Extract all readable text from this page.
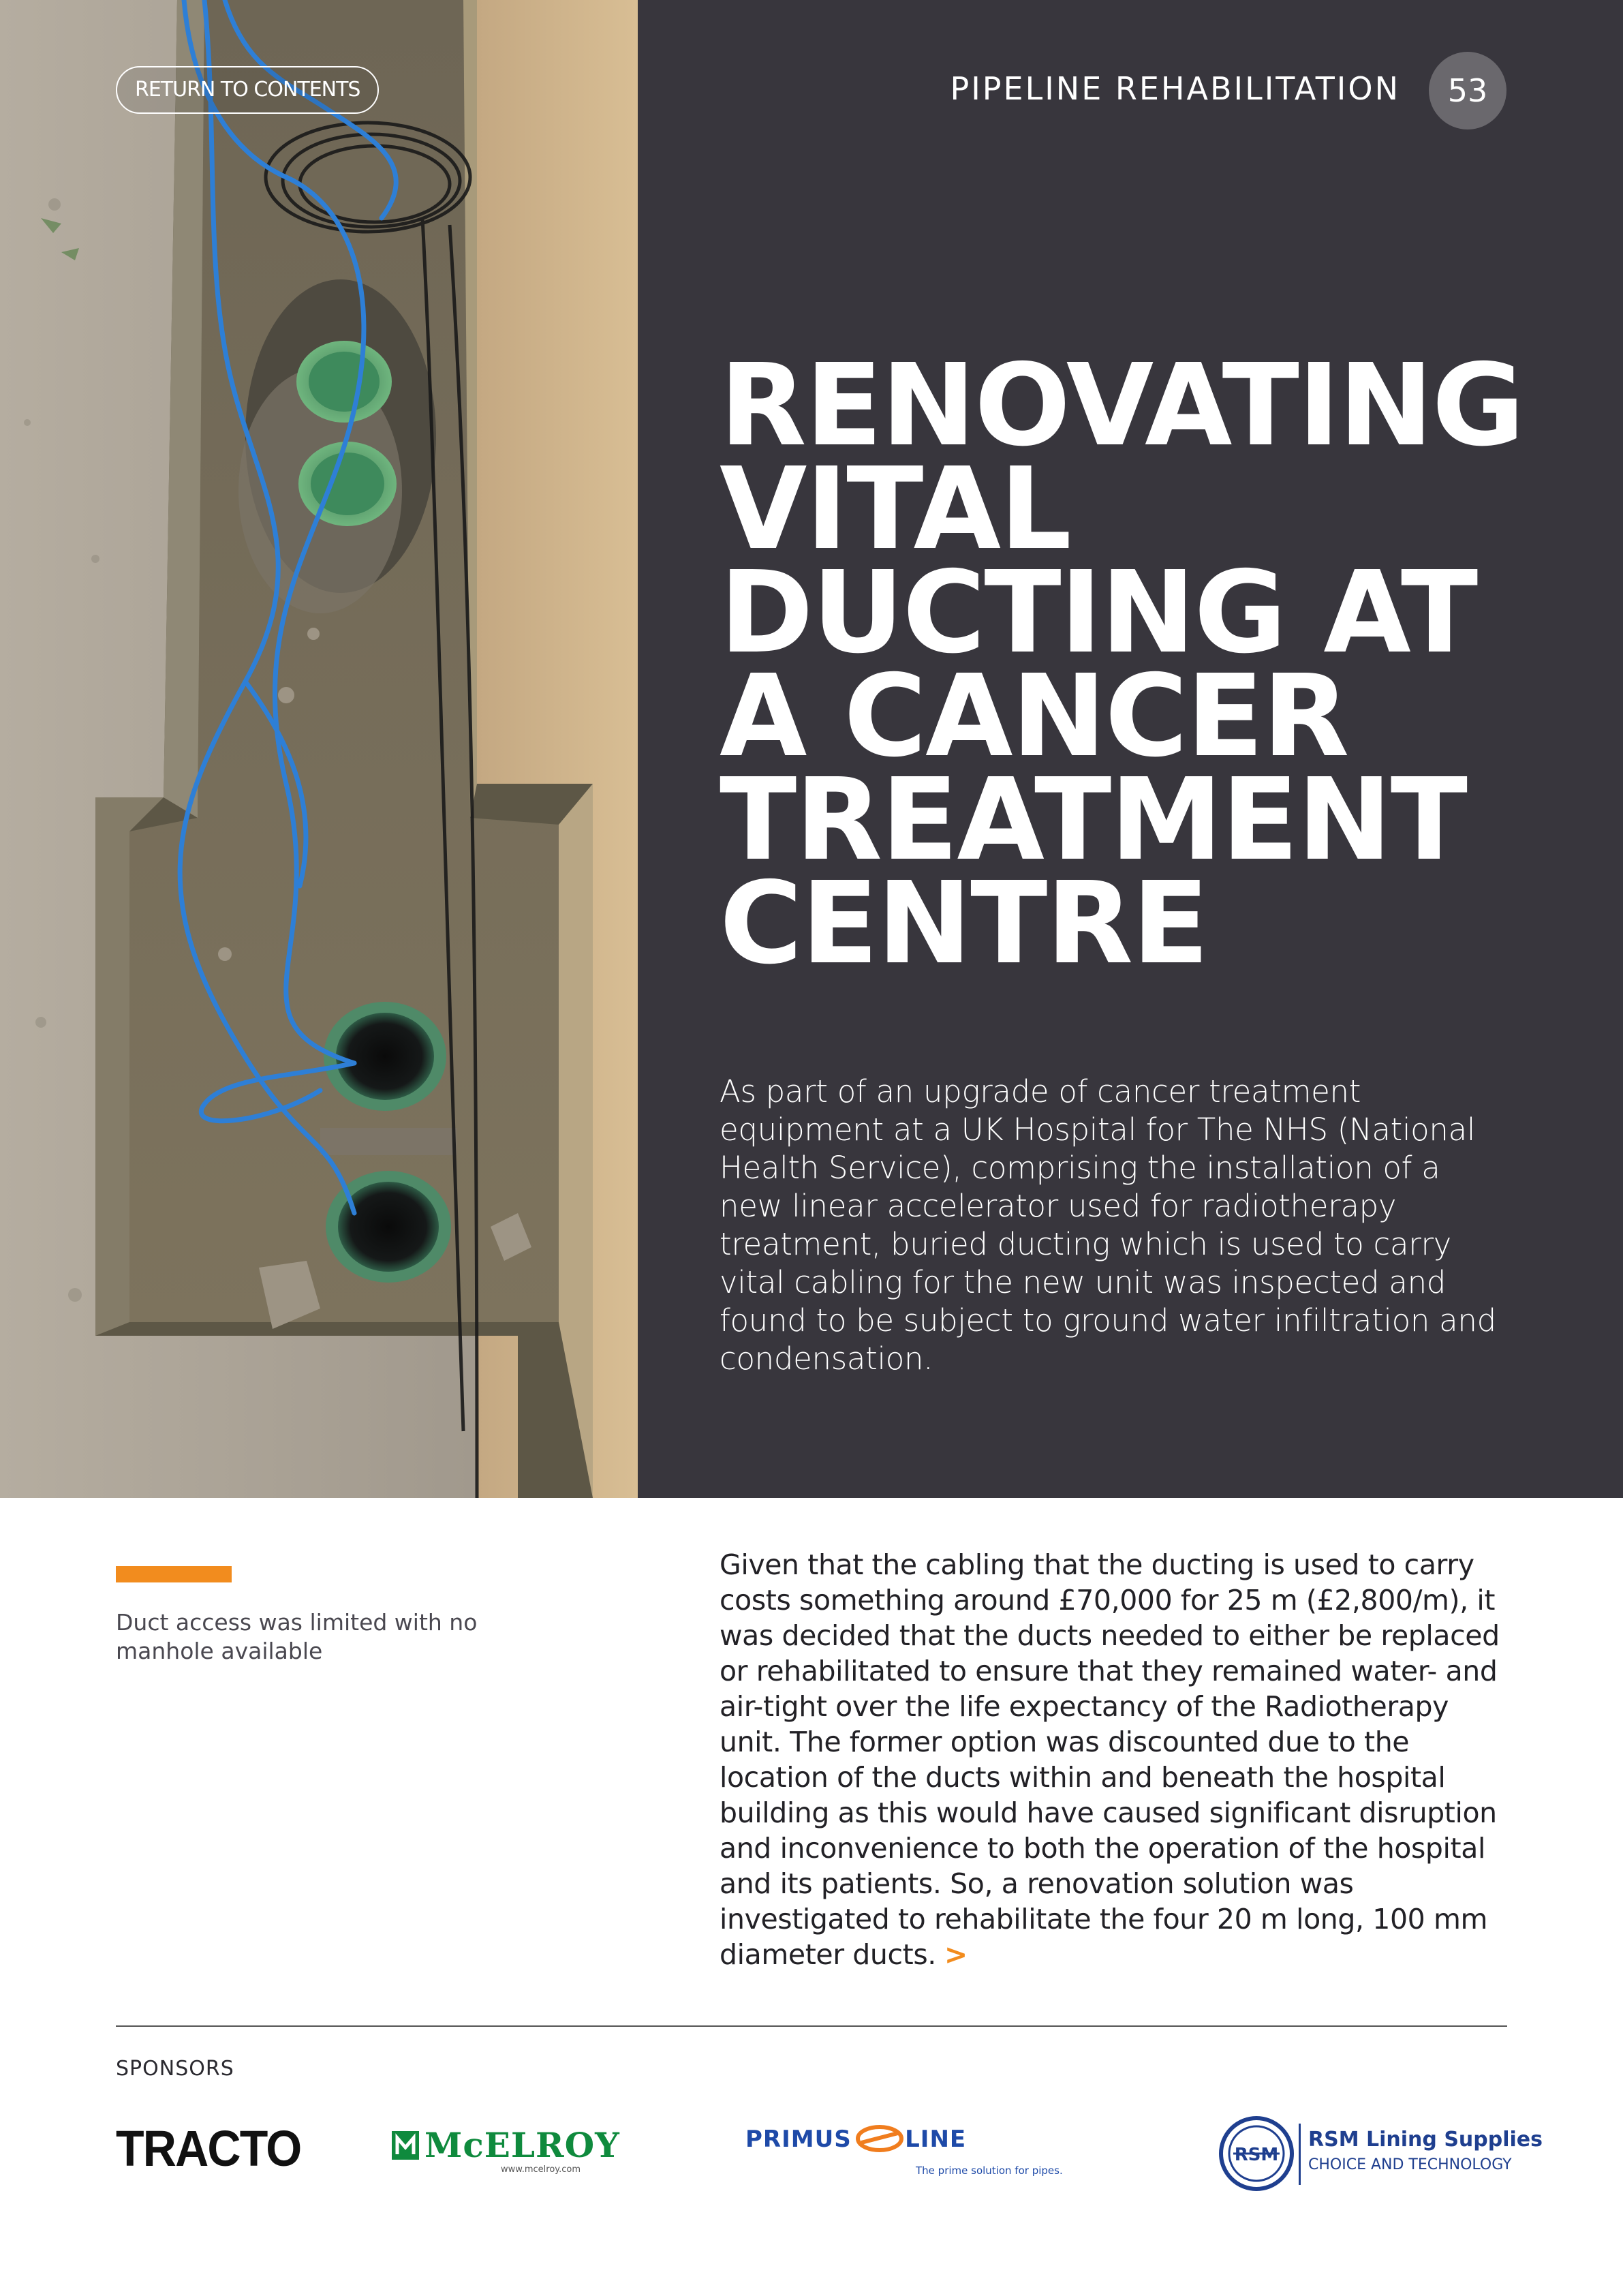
RETURN TO CONTENTS	PIPELINE REHABILITATION	53
RENOVATING
VITAL
DUCTING AT
A CANCER
TREATMENT
CENTRE

As part of an upgrade of cancer treatment equipment at a UK Hospital for The NHS (National Health Service), comprising the installation of a new linear accelerator used for radiotherapy treatment, buried ducting which is used to carry vital cabling for the new unit was inspected and found to be subject to ground water infiltration and condensation.

Duct access was limited with no manhole available

Given that the cabling that the ducting is used to carry costs something around £70,000 for 25 m (£2,800/m), it was decided that the ducts needed to either be replaced or rehabilitated to ensure that they remained water- and air-tight over the life expectancy of the Radiotherapy unit. The former option was discounted due to the location of the ducts within and beneath the hospital building as this would have caused significant disruption and inconvenience to both the operation of the hospital and its patients. So, a renovation solution was investigated to rehabilitate the four 20 m long, 100 mm diameter ducts. >

SPONSORS
TRACTO	McELROY
www.mcelroy.com
PRIMUS LINE
The prime solution for pipes.
RSM
RSM Lining Supplies
CHOICE AND TECHNOLOGY
